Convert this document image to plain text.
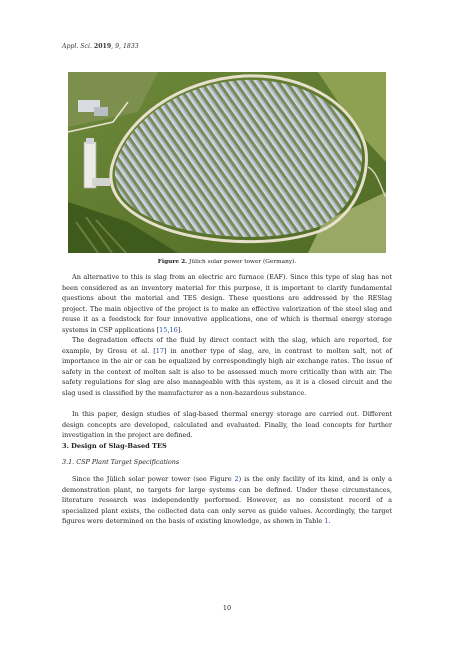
Appl. Sci. 2019, 9, 1833
Figure 2. Jülich solar power tower (Germany).
An alternative to this is slag from an electric arc furnace (EAF). Since this type of slag has not been considered as an inventory material for this purpose, it is important to clarify fundamental questions about the material and TES design. These questions are addressed by the RESlag project. The main objective of the project is to make an effective valorization of the steel slag and reuse it as a feedstock for four innovative applications, one of which is thermal energy storage systems in CSP applications [15,16].
The degradation effects of the fluid by direct contact with the slag, which are reported, for example, by Grosu et al. [17] in another type of slag, are, in contrast to molten salt, not of importance in the air or can be equalized by correspondingly high air exchange rates. The issue of safety in the context of molten salt is also to be assessed much more critically than with air. The safety regulations for slag are also manageable with this system, as it is a closed circuit and the slag used is classified by the manufacturer as a non-hazardous substance.
In this paper, design studies of slag-based thermal energy storage are carried out. Different design concepts are developed, calculated and evaluated. Finally, the lead concepts for further investigation in the project are defined.
3. Design of Slag-Based TES
3.1. CSP Plant Target Specifications
Since the Jülich solar power tower (see Figure 2) is the only facility of its kind, and is only a demonstration plant, no targets for large systems can be defined. Under these circumstances, literature research was independently performed. However, as no consistent record of a specialized plant exists, the collected data can only serve as guide values. Accordingly, the target figures were determined on the basis of existing knowledge, as shown in Table 1.
10
